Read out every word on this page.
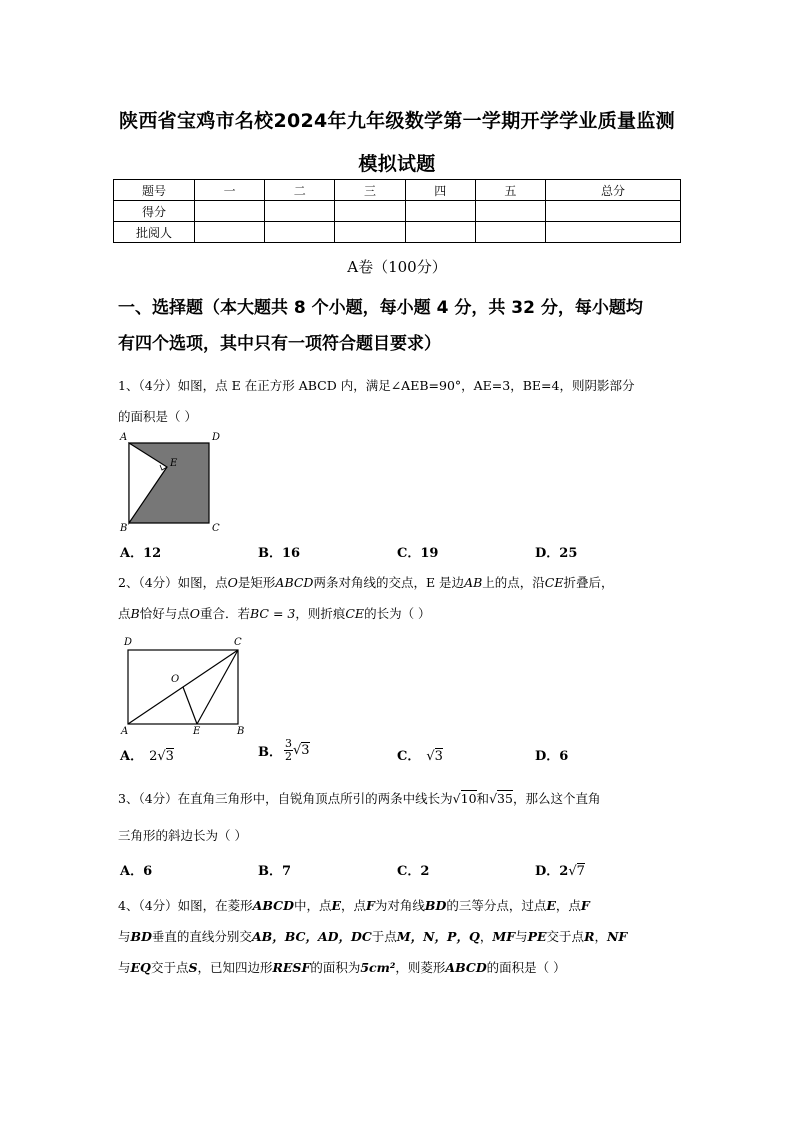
陕西省宝鸡市名校2024年九年级数学第一学期开学学业质量监测
模拟试题
题号	一	二	三	四	五	总分
得分						
批阅人						
A卷（100分）
一、选择题（本大题共 8 个小题，每小题 4 分，共 32 分，每小题均
有四个选项，其中只有一项符合题目要求）
1、（4分）如图，点 E 在正方形 ABCD 内，满足∠AEB=90°，AE=3，BE=4，则阴影部分
的面积是（ ）
A	D
B	C
E
A．12	B．16	C．19	D．25
2、（4分）如图，点O是矩形ABCD两条对角线的交点，E 是边AB上的点，沿CE折叠后，
点B恰好与点O重合．若BC = 3，则折痕CE的长为（ ）
D	C
O
A	E	B
A． 2√3	B． $\frac{3}{2} √3$	C． √3	D．6
3、（4分）在直角三角形中，自锐角顶点所引的两条中线长为√10和√35，那么这个直角
三角形的斜边长为（ ）
A．6	B．7	C．2	D．2√7
4、（4分）如图，在菱形ABCD中，点E，点F为对角线BD的三等分点，过点E，点F
与BD垂直的直线分别交AB，BC，AD，DC于点M，N，P，Q，MF与PE交于点R，NF
与EQ交于点S，已知四边形RESF的面积为5cm²，则菱形ABCD的面积是（ ）
